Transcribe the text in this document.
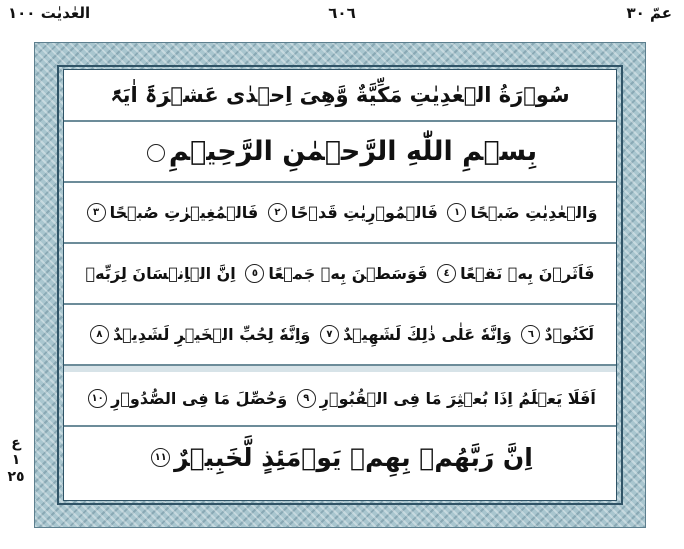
العٰديٰت ١٠٠	٦٠٦	عمّ ٣٠
سُوۡرَةُ الۡعٰدِیٰتِ مَکِّیَّةٌ وَّھِیَ اِحۡدٰی عَشۡرَۃَ اٰیَۃً
بِسۡمِ اللّٰهِ الرَّحۡمٰنِ الرَّحِیۡمِ
وَالۡعٰدِیٰتِ ضَبۡحًا
١

فَالۡمُوۡرِیٰتِ قَدۡحًا
٢

فَالۡمُغِیۡرٰتِ صُبۡحًا
٣
فَاَثَرۡنَ بِهٖ نَقۡعًا
٤

فَوَسَطۡنَ بِهٖ جَمۡعًا
٥

اِنَّ الۡاِنۡسَانَ لِرَبِّهٖ
لَکَنُوۡدٌ
٦

وَاِنَّهٗ عَلٰی ذٰلِكَ لَشَهِیۡدٌ
٧

وَاِنَّهٗ لِحُبِّ الۡخَیۡرِ لَشَدِیۡدٌ
٨
اَفَلَا یَعۡلَمُ اِذَا بُعۡثِرَ مَا فِی الۡقُبُوۡرِ
٩

وَحُصِّلَ مَا فِی الصُّدُوۡرِ
١٠
اِنَّ رَبَّهُمۡ بِهِمۡ یَوۡمَئِذٍ لَّخَبِیۡرٌ
١١
ع
١
٢٥
